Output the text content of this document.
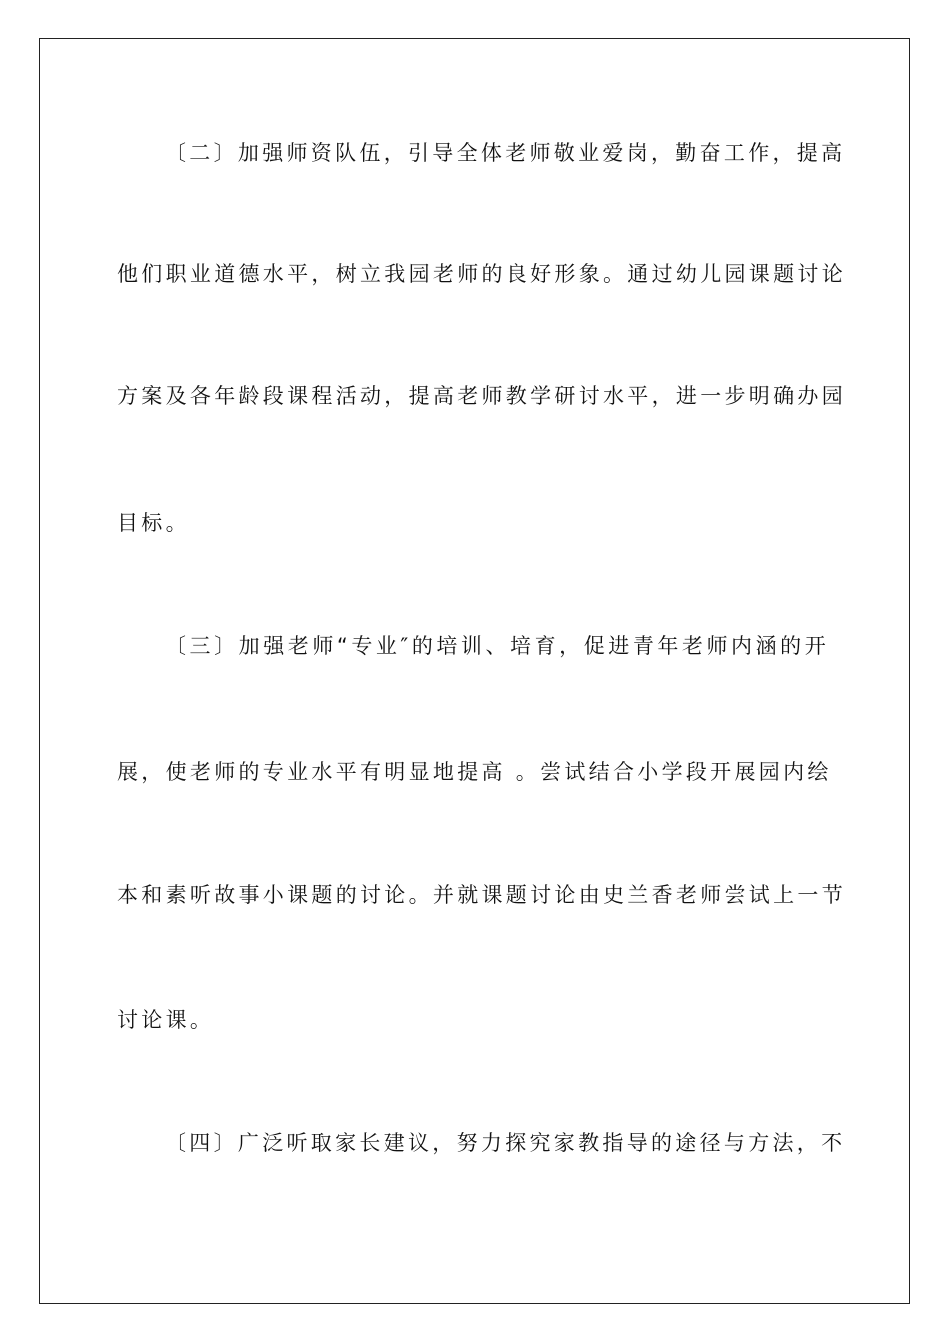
〔二〕加强师资队伍，引导全体老师敬业爱岗，勤奋工作，提高
他们职业道德水平，树立我园老师的良好形象。通过幼儿园课题讨论
方案及各年龄段课程活动，提高老师教学研讨水平，进一步明确办园
目标。
〔三〕加强老师“专业″的培训、培育，促进青年老师内涵的开
展，使老师的专业水平有明显地提高 。尝试结合小学段开展园内绘
本和素听故事小课题的讨论。并就课题讨论由史兰香老师尝试上一节
讨论课。
〔四〕广泛听取家长建议，努力探究家教指导的途径与方法，不
